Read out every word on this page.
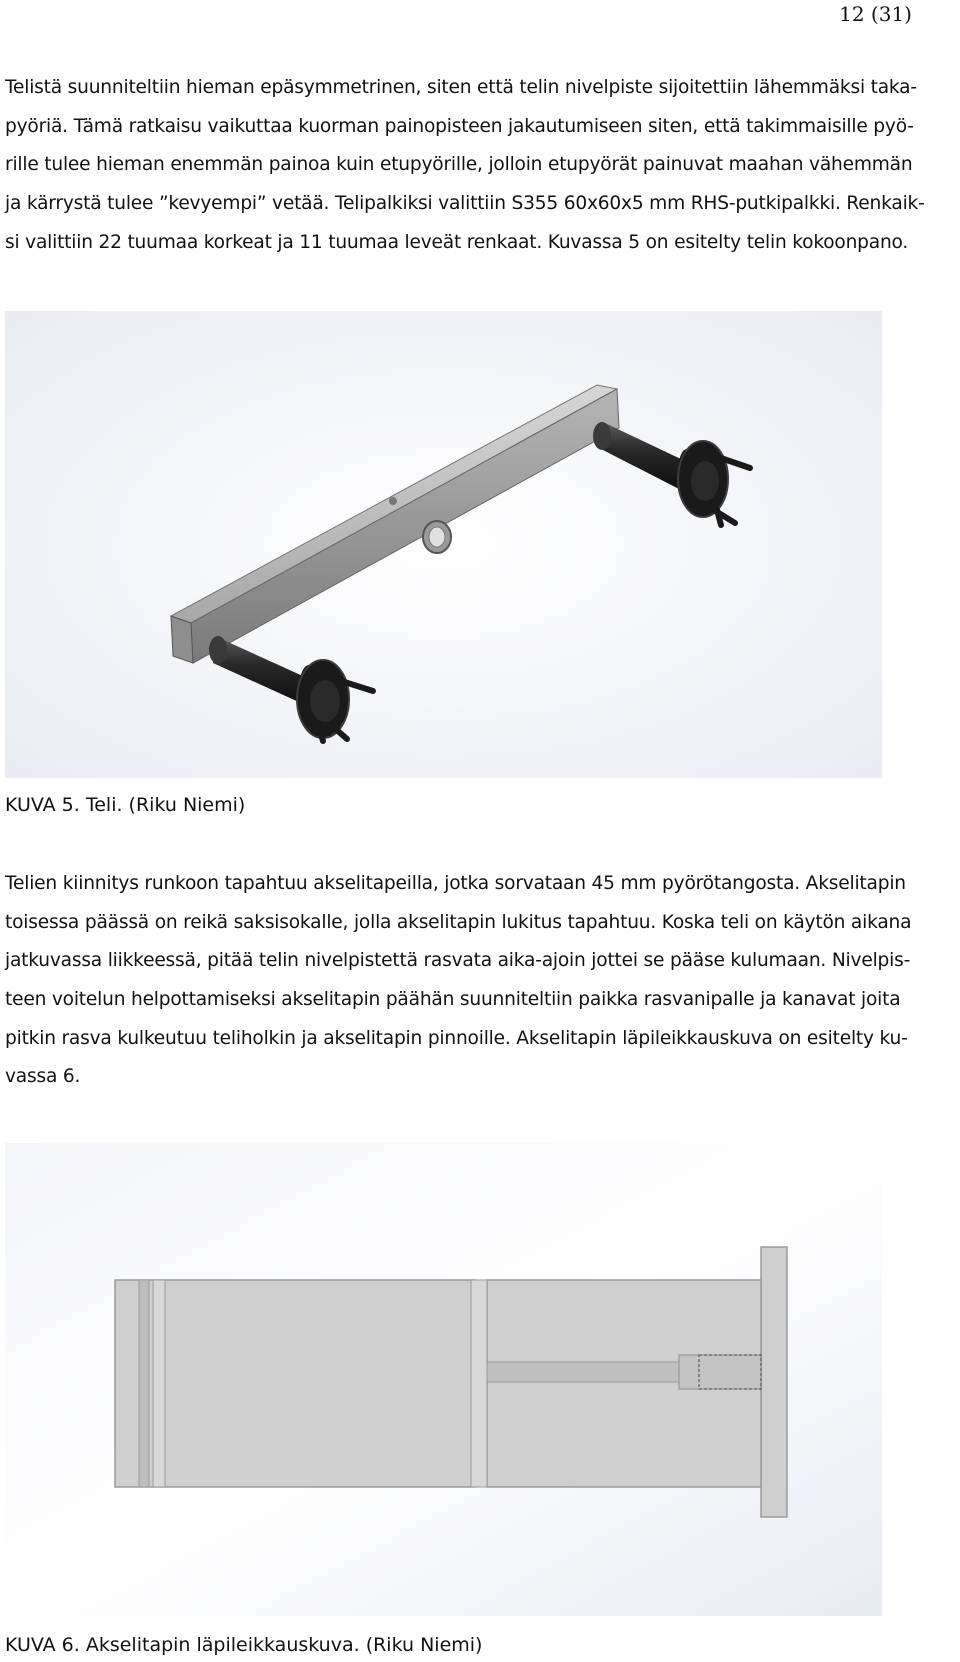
12 (31)
Telistä suunniteltiin hieman epäsymmetrinen, siten että telin nivelpiste sijoitettiin lähemmäksi taka-
pyöriä. Tämä ratkaisu vaikuttaa kuorman painopisteen jakautumiseen siten, että takimmaisille pyö-
rille tulee hieman enemmän painoa kuin etupyörille, jolloin etupyörät painuvat maahan vähemmän
ja kärrystä tulee ”kevyempi” vetää. Telipalkiksi valittiin S355 60x60x5 mm RHS-putkipalkki. Renkaik-
si valittiin 22 tuumaa korkeat ja 11 tuumaa leveät renkaat. Kuvassa 5 on esitelty telin kokoonpano.
KUVA 5. Teli. (Riku Niemi)
Telien kiinnitys runkoon tapahtuu akselitapeilla, jotka sorvataan 45 mm pyörötangosta. Akselitapin
toisessa päässä on reikä saksisokalle, jolla akselitapin lukitus tapahtuu. Koska teli on käytön aikana
jatkuvassa liikkeessä, pitää telin nivelpistettä rasvata aika-ajoin jottei se pääse kulumaan. Nivelpis-
teen voitelun helpottamiseksi akselitapin päähän suunniteltiin paikka rasvanipalle ja kanavat joita
pitkin rasva kulkeutuu teliholkin ja akselitapin pinnoille. Akselitapin läpileikkauskuva on esitelty ku-
vassa 6.
KUVA 6. Akselitapin läpileikkauskuva. (Riku Niemi)
